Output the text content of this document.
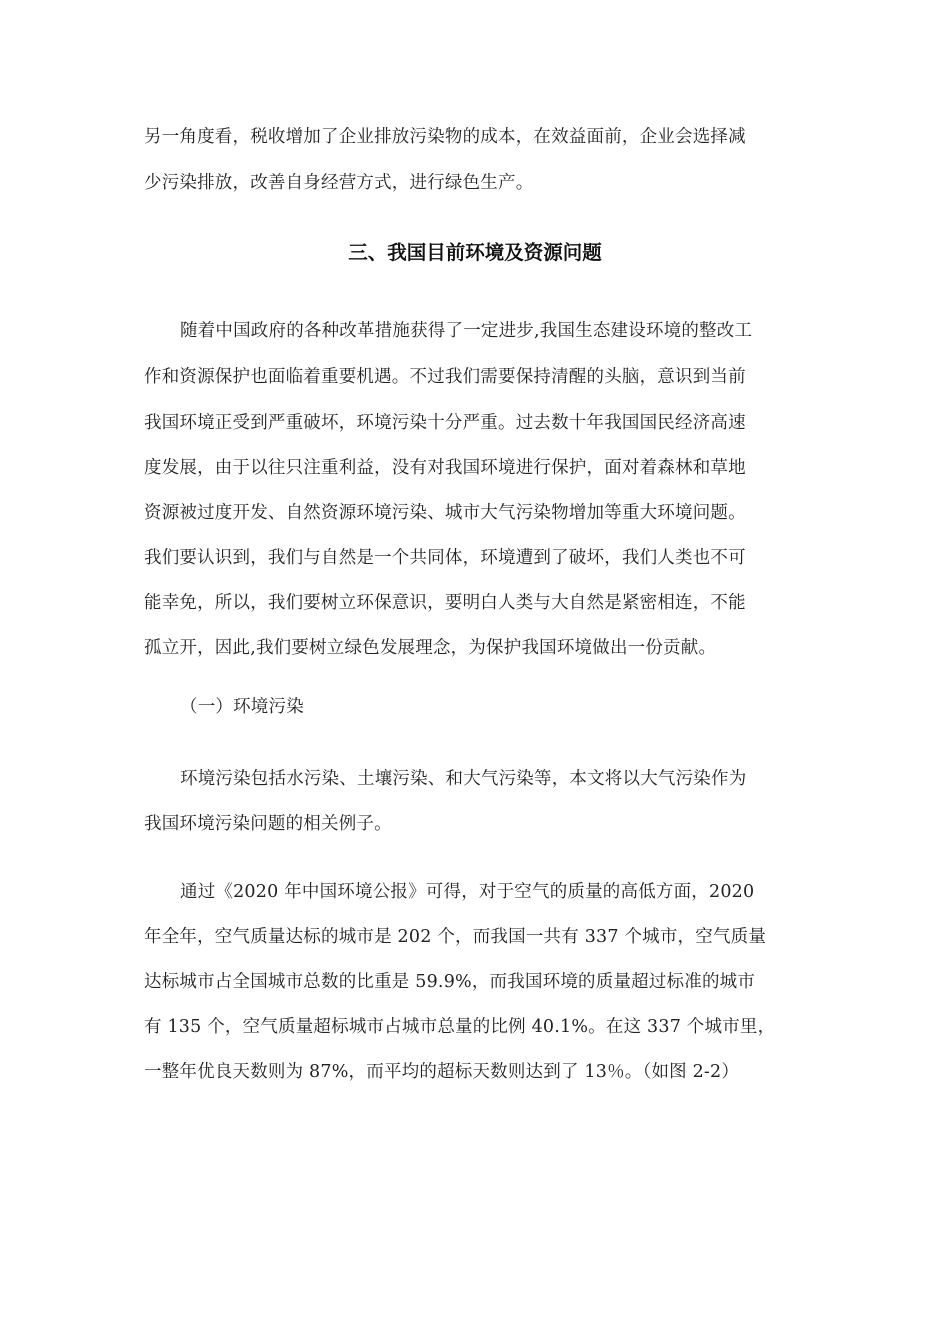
另一角度看，税收增加了企业排放污染物的成本，在效益面前，企业会选择减
少污染排放，改善自身经营方式，进行绿色生产。
三、我国目前环境及资源问题
随着中国政府的各种改革措施获得了一定进步,我国生态建设环境的整改工
作和资源保护也面临着重要机遇。不过我们需要保持清醒的头脑，意识到当前
我国环境正受到严重破坏，环境污染十分严重。过去数十年我国国民经济高速
度发展，由于以往只注重利益，没有对我国环境进行保护，面对着森林和草地
资源被过度开发、自然资源环境污染、城市大气污染物增加等重大环境问题。
我们要认识到，我们与自然是一个共同体，环境遭到了破坏，我们人类也不可
能幸免，所以，我们要树立环保意识，要明白人类与大自然是紧密相连，不能
孤立开，因此,我们要树立绿色发展理念，为保护我国环境做出一份贡献。
（一）环境污染
环境污染包括水污染、土壤污染、和大气污染等，本文将以大气污染作为
我国环境污染问题的相关例子。
通过《2020 年中国环境公报》可得，对于空气的质量的高低方面，2020
年全年，空气质量达标的城市是 202 个，而我国一共有 337 个城市，空气质量
达标城市占全国城市总数的比重是 59.9%，而我国环境的质量超过标准的城市
有 135 个，空气质量超标城市占城市总量的比例 40.1%。在这 337 个城市里，
一整年优良天数则为 87%，而平均的超标天数则达到了 13％。（如图 2-2）
